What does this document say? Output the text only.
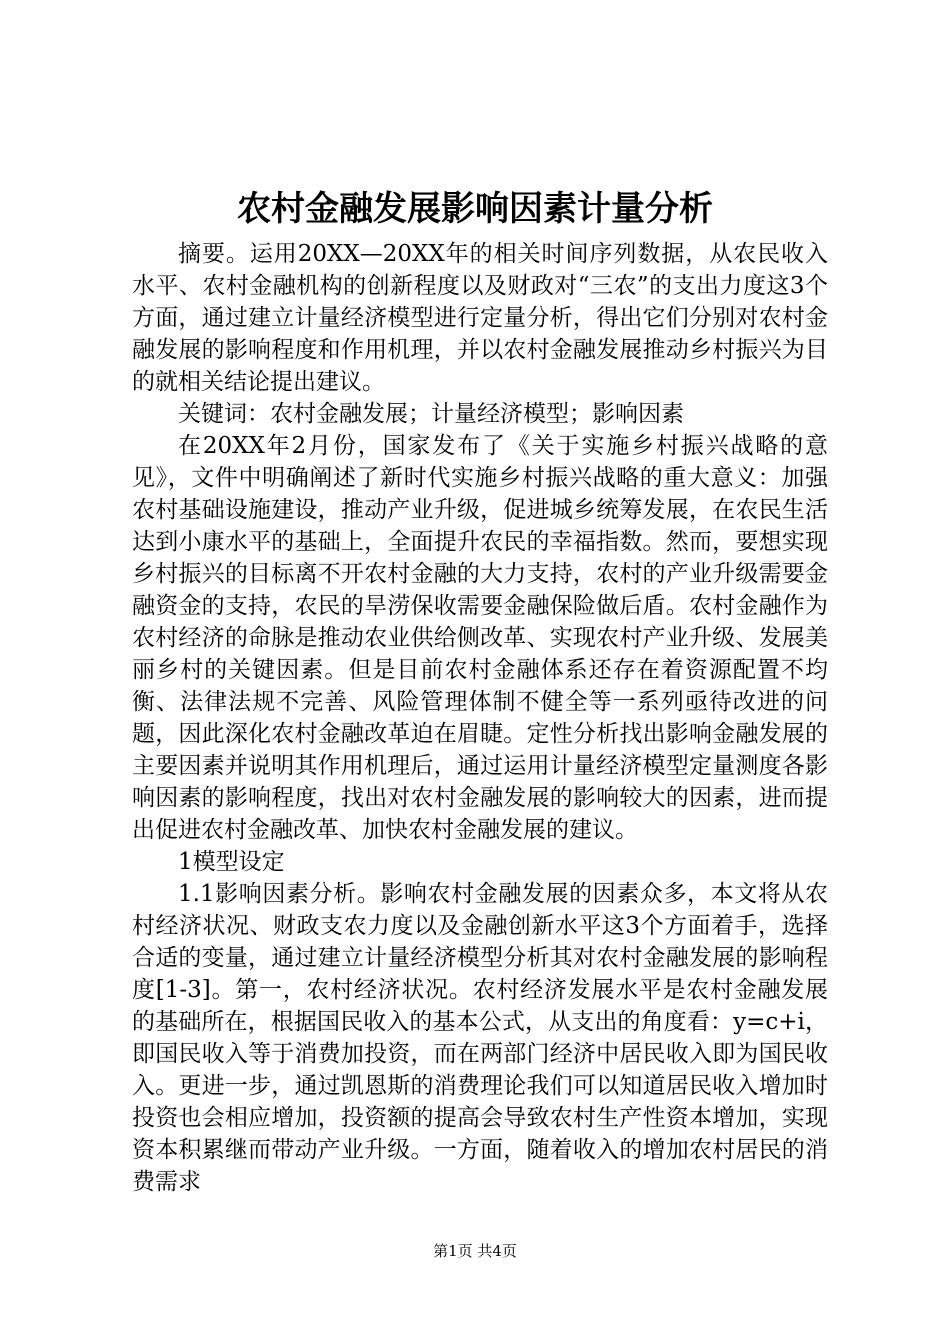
农村金融发展影响因素计量分析

摘要。运用20XX—20XX年的相关时间序列数据，从农民收入水平、农村金融机构的创新程度以及财政对“三农”的支出力度这3个方面，通过建立计量经济模型进行定量分析，得出它们分别对农村金融发展的影响程度和作用机理，并以农村金融发展推动乡村振兴为目的就相关结论提出建议。

关键词：农村金融发展；计量经济模型；影响因素

在20XX年2月份，国家发布了《关于实施乡村振兴战略的意见》，文件中明确阐述了新时代实施乡村振兴战略的重大意义：加强农村基础设施建设，推动产业升级，促进城乡统筹发展，在农民生活达到小康水平的基础上，全面提升农民的幸福指数。然而，要想实现乡村振兴的目标离不开农村金融的大力支持，农村的产业升级需要金融资金的支持，农民的旱涝保收需要金融保险做后盾。农村金融作为农村经济的命脉是推动农业供给侧改革、实现农村产业升级、发展美丽乡村的关键因素。但是目前农村金融体系还存在着资源配置不均衡、法律法规不完善、风险管理体制不健全等一系列亟待改进的问题，因此深化农村金融改革迫在眉睫。定性分析找出影响金融发展的主要因素并说明其作用机理后，通过运用计量经济模型定量测度各影响因素的影响程度，找出对农村金融发展的影响较大的因素，进而提出促进农村金融改革、加快农村金融发展的建议。

1模型设定

1.1影响因素分析。影响农村金融发展的因素众多，本文将从农村经济状况、财政支农力度以及金融创新水平这3个方面着手，选择合适的变量，通过建立计量经济模型分析其对农村金融发展的影响程度[1-3]。第一，农村经济状况。农村经济发展水平是农村金融发展的基础所在，根据国民收入的基本公式，从支出的角度看：y=c+i，即国民收入等于消费加投资，而在两部门经济中居民收入即为国民收入。更进一步，通过凯恩斯的消费理论我们可以知道居民收入增加时投资也会相应增加，投资额的提高会导致农村生产性资本增加，实现资本积累继而带动产业升级。一方面，随着收入的增加农村居民的消费需求

第1页 共4页
